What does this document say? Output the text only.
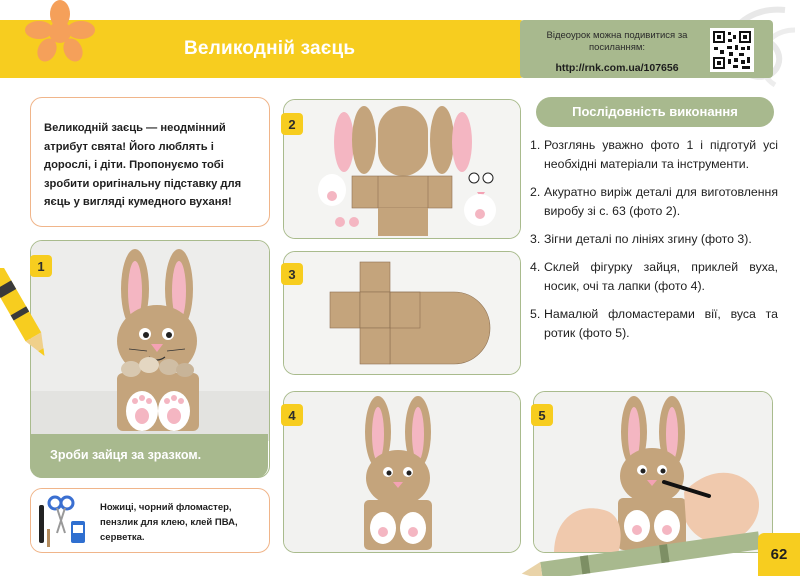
Великодній заєць
Відеоурок можна подивитися за посиланням:
http://rnk.com.ua/107656
Великодній заєць — неодмінний атрибут свята! Його люблять і дорослі, і діти. Пропонуємо тобі зробити оригінальну підставку для яєць у вигляді кумедного вуханя!
1
Зроби зайця за зразком.
Ножиці, чорний фломастер, пензлик для клею, клей ПВА, серветка.
2
3
4	5
Послідовність виконання
1. Розглянь уважно фото 1 і підготуй усі необхідні матеріали та інструменти.
2. Акуратно виріж деталі для виготовлення виробу зі с. 63 (фото 2).
3. Зігни деталі по лініях згину (фото 3).
4. Склей фігурку зайця, приклей вуха, носик, очі та лапки (фото 4).
5. Намалюй фломастерами вії, вуса та ротик (фото 5).
62
